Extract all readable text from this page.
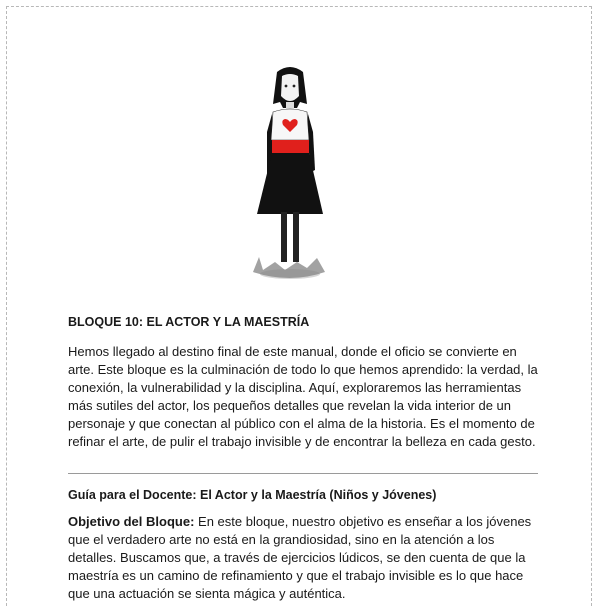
BLOQUE 10: EL ACTOR Y LA MAESTRÍA

Hemos llegado al destino final de este manual, donde el oficio se convierte en arte. Este bloque es la culminación de todo lo que hemos aprendido: la verdad, la conexión, la vulnerabilidad y la disciplina. Aquí, exploraremos las herramientas más sutiles del actor, los pequeños detalles que revelan la vida interior de un personaje y que conectan al público con el alma de la historia. Es el momento de refinar el arte, de pulir el trabajo invisible y de encontrar la belleza en cada gesto.

Guía para el Docente: El Actor y la Maestría (Niños y Jóvenes)

Objetivo del Bloque: En este bloque, nuestro objetivo es enseñar a los jóvenes que el verdadero arte no está en la grandiosidad, sino en la atención a los detalles. Buscamos que, a través de ejercicios lúdicos, se den cuenta de que la maestría es un camino de refinamiento y que el trabajo invisible es lo que hace que una actuación se sienta mágica y auténtica.
